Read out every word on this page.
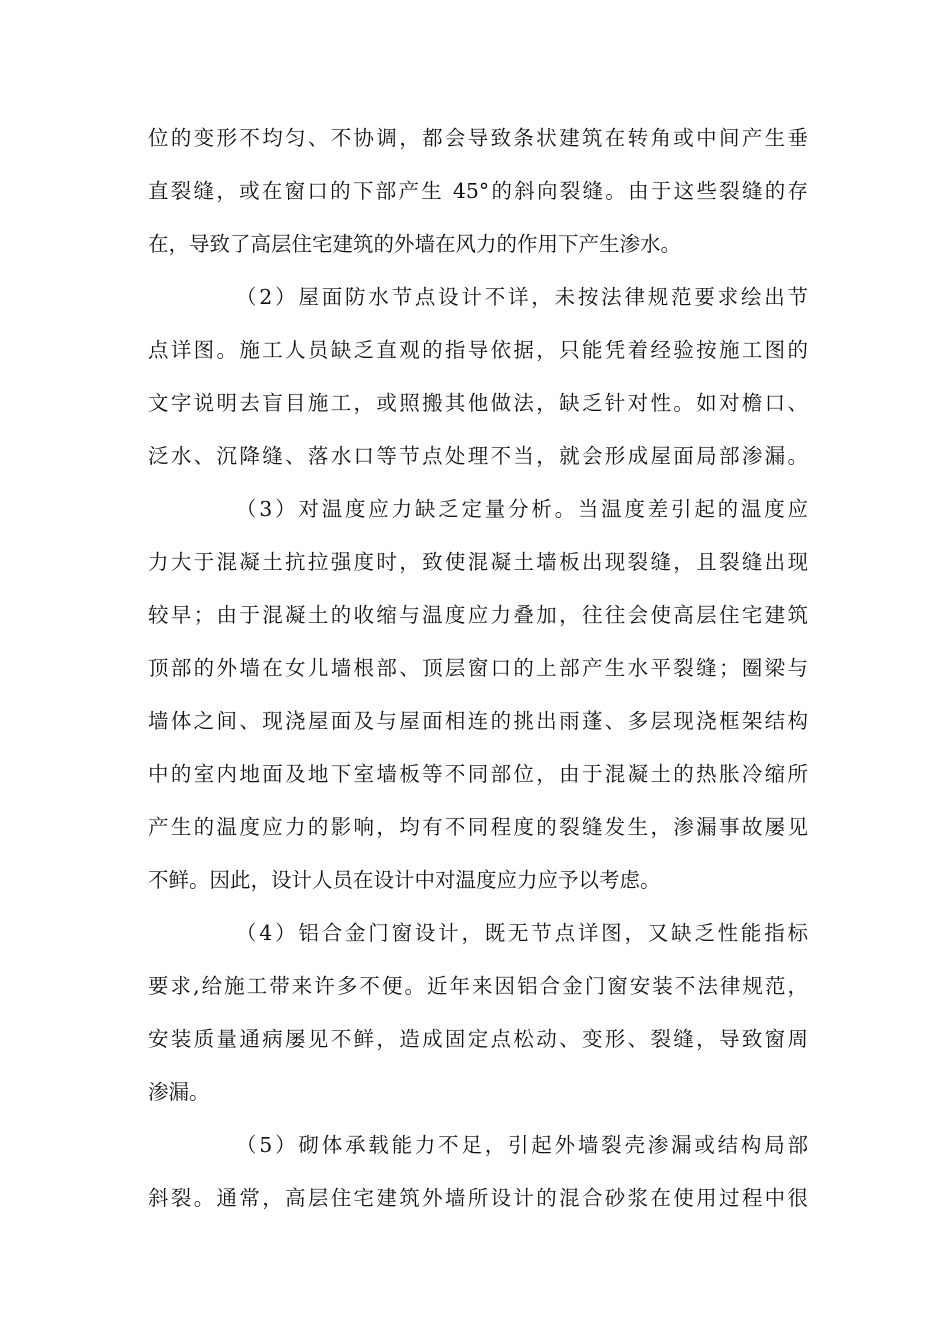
位的变形不均匀、不协调，都会导致条状建筑在转角或中间产生垂
直裂缝，或在窗口的下部产生 45°的斜向裂缝。由于这些裂缝的存
在，导致了高层住宅建筑的外墙在风力的作用下产生渗水。
（2）屋面防水节点设计不详，未按法律规范要求绘出节
点详图。施工人员缺乏直观的指导依据，只能凭着经验按施工图的
文字说明去盲目施工，或照搬其他做法，缺乏针对性。如对檐口、
泛水、沉降缝、落水口等节点处理不当，就会形成屋面局部渗漏。
（3）对温度应力缺乏定量分析。当温度差引起的温度应
力大于混凝土抗拉强度时，致使混凝土墙板出现裂缝，且裂缝出现
较早；由于混凝土的收缩与温度应力叠加，往往会使高层住宅建筑
顶部的外墙在女儿墙根部、顶层窗口的上部产生水平裂缝；圈梁与
墙体之间、现浇屋面及与屋面相连的挑出雨蓬、多层现浇框架结构
中的室内地面及地下室墙板等不同部位，由于混凝土的热胀冷缩所
产生的温度应力的影响，均有不同程度的裂缝发生，渗漏事故屡见
不鲜。因此，设计人员在设计中对温度应力应予以考虑。
（4）铝合金门窗设计，既无节点详图，又缺乏性能指标
要求,给施工带来许多不便。近年来因铝合金门窗安装不法律规范，
安装质量通病屡见不鲜，造成固定点松动、变形、裂缝，导致窗周
渗漏。
（5）砌体承载能力不足，引起外墙裂壳渗漏或结构局部
斜裂。通常，高层住宅建筑外墙所设计的混合砂浆在使用过程中很
